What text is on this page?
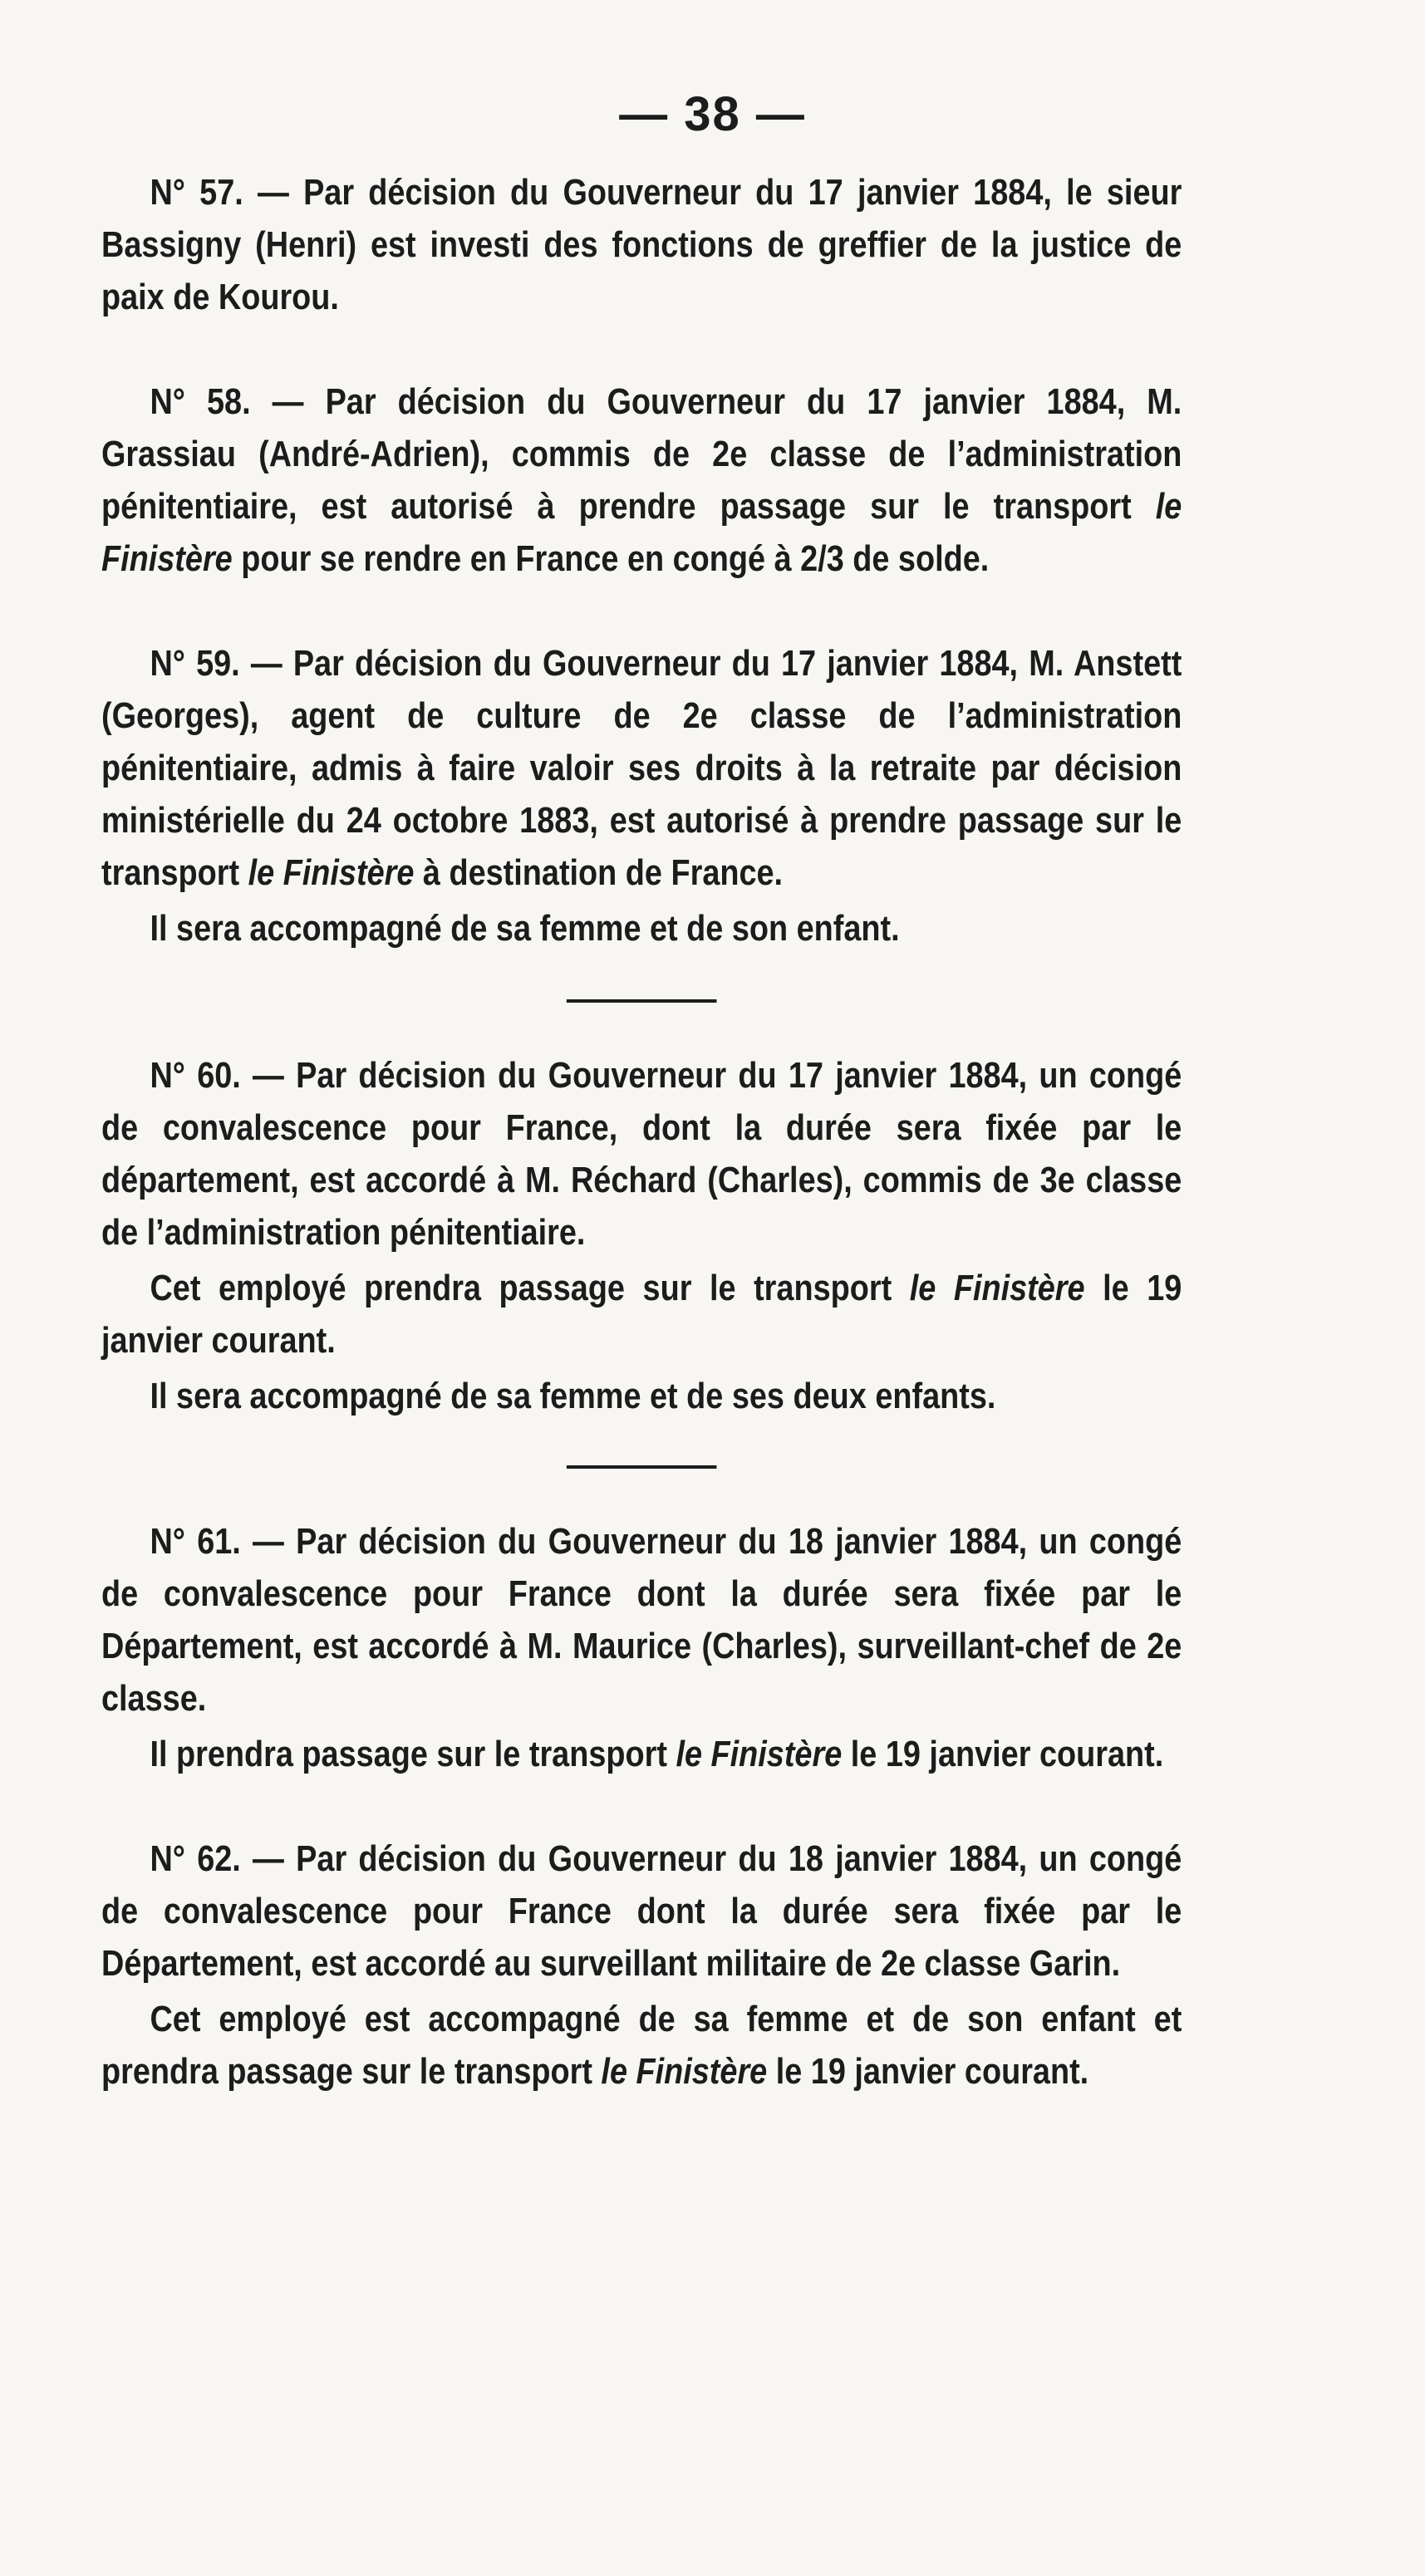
— 38 —

N° 57. — Par décision du Gouverneur du 17 janvier 1884, le sieur Bassigny (Henri) est investi des fonctions de greffier de la justice de paix de Kourou.

N° 58. — Par décision du Gouverneur du 17 janvier 1884, M. Grassiau (André-Adrien), commis de 2e classe de l’administration pénitentiaire, est autorisé à prendre passage sur le transport le Finistère pour se rendre en France en congé à 2/3 de solde.

N° 59. — Par décision du Gouverneur du 17 janvier 1884, M. Anstett (Georges), agent de culture de 2e classe de l’administration pénitentiaire, admis à faire valoir ses droits à la retraite par décision ministérielle du 24 octobre 1883, est autorisé à prendre passage sur le transport le Finistère à destination de France.

Il sera accompagné de sa femme et de son enfant.

N° 60. — Par décision du Gouverneur du 17 janvier 1884, un congé de convalescence pour France, dont la durée sera fixée par le département, est accordé à M. Réchard (Charles), commis de 3e classe de l’administration pénitentiaire.

Cet employé prendra passage sur le transport le Finistère le 19 janvier courant.

Il sera accompagné de sa femme et de ses deux enfants.

N° 61. — Par décision du Gouverneur du 18 janvier 1884, un congé de convalescence pour France dont la durée sera fixée par le Département, est accordé à M. Maurice (Charles), surveillant-chef de 2e classe.

Il prendra passage sur le transport le Finistère le 19 janvier courant.

N° 62. — Par décision du Gouverneur du 18 janvier 1884, un congé de convalescence pour France dont la durée sera fixée par le Département, est accordé au surveillant militaire de 2e classe Garin.

Cet employé est accompagné de sa femme et de son enfant et prendra passage sur le transport le Finistère le 19 janvier courant.
